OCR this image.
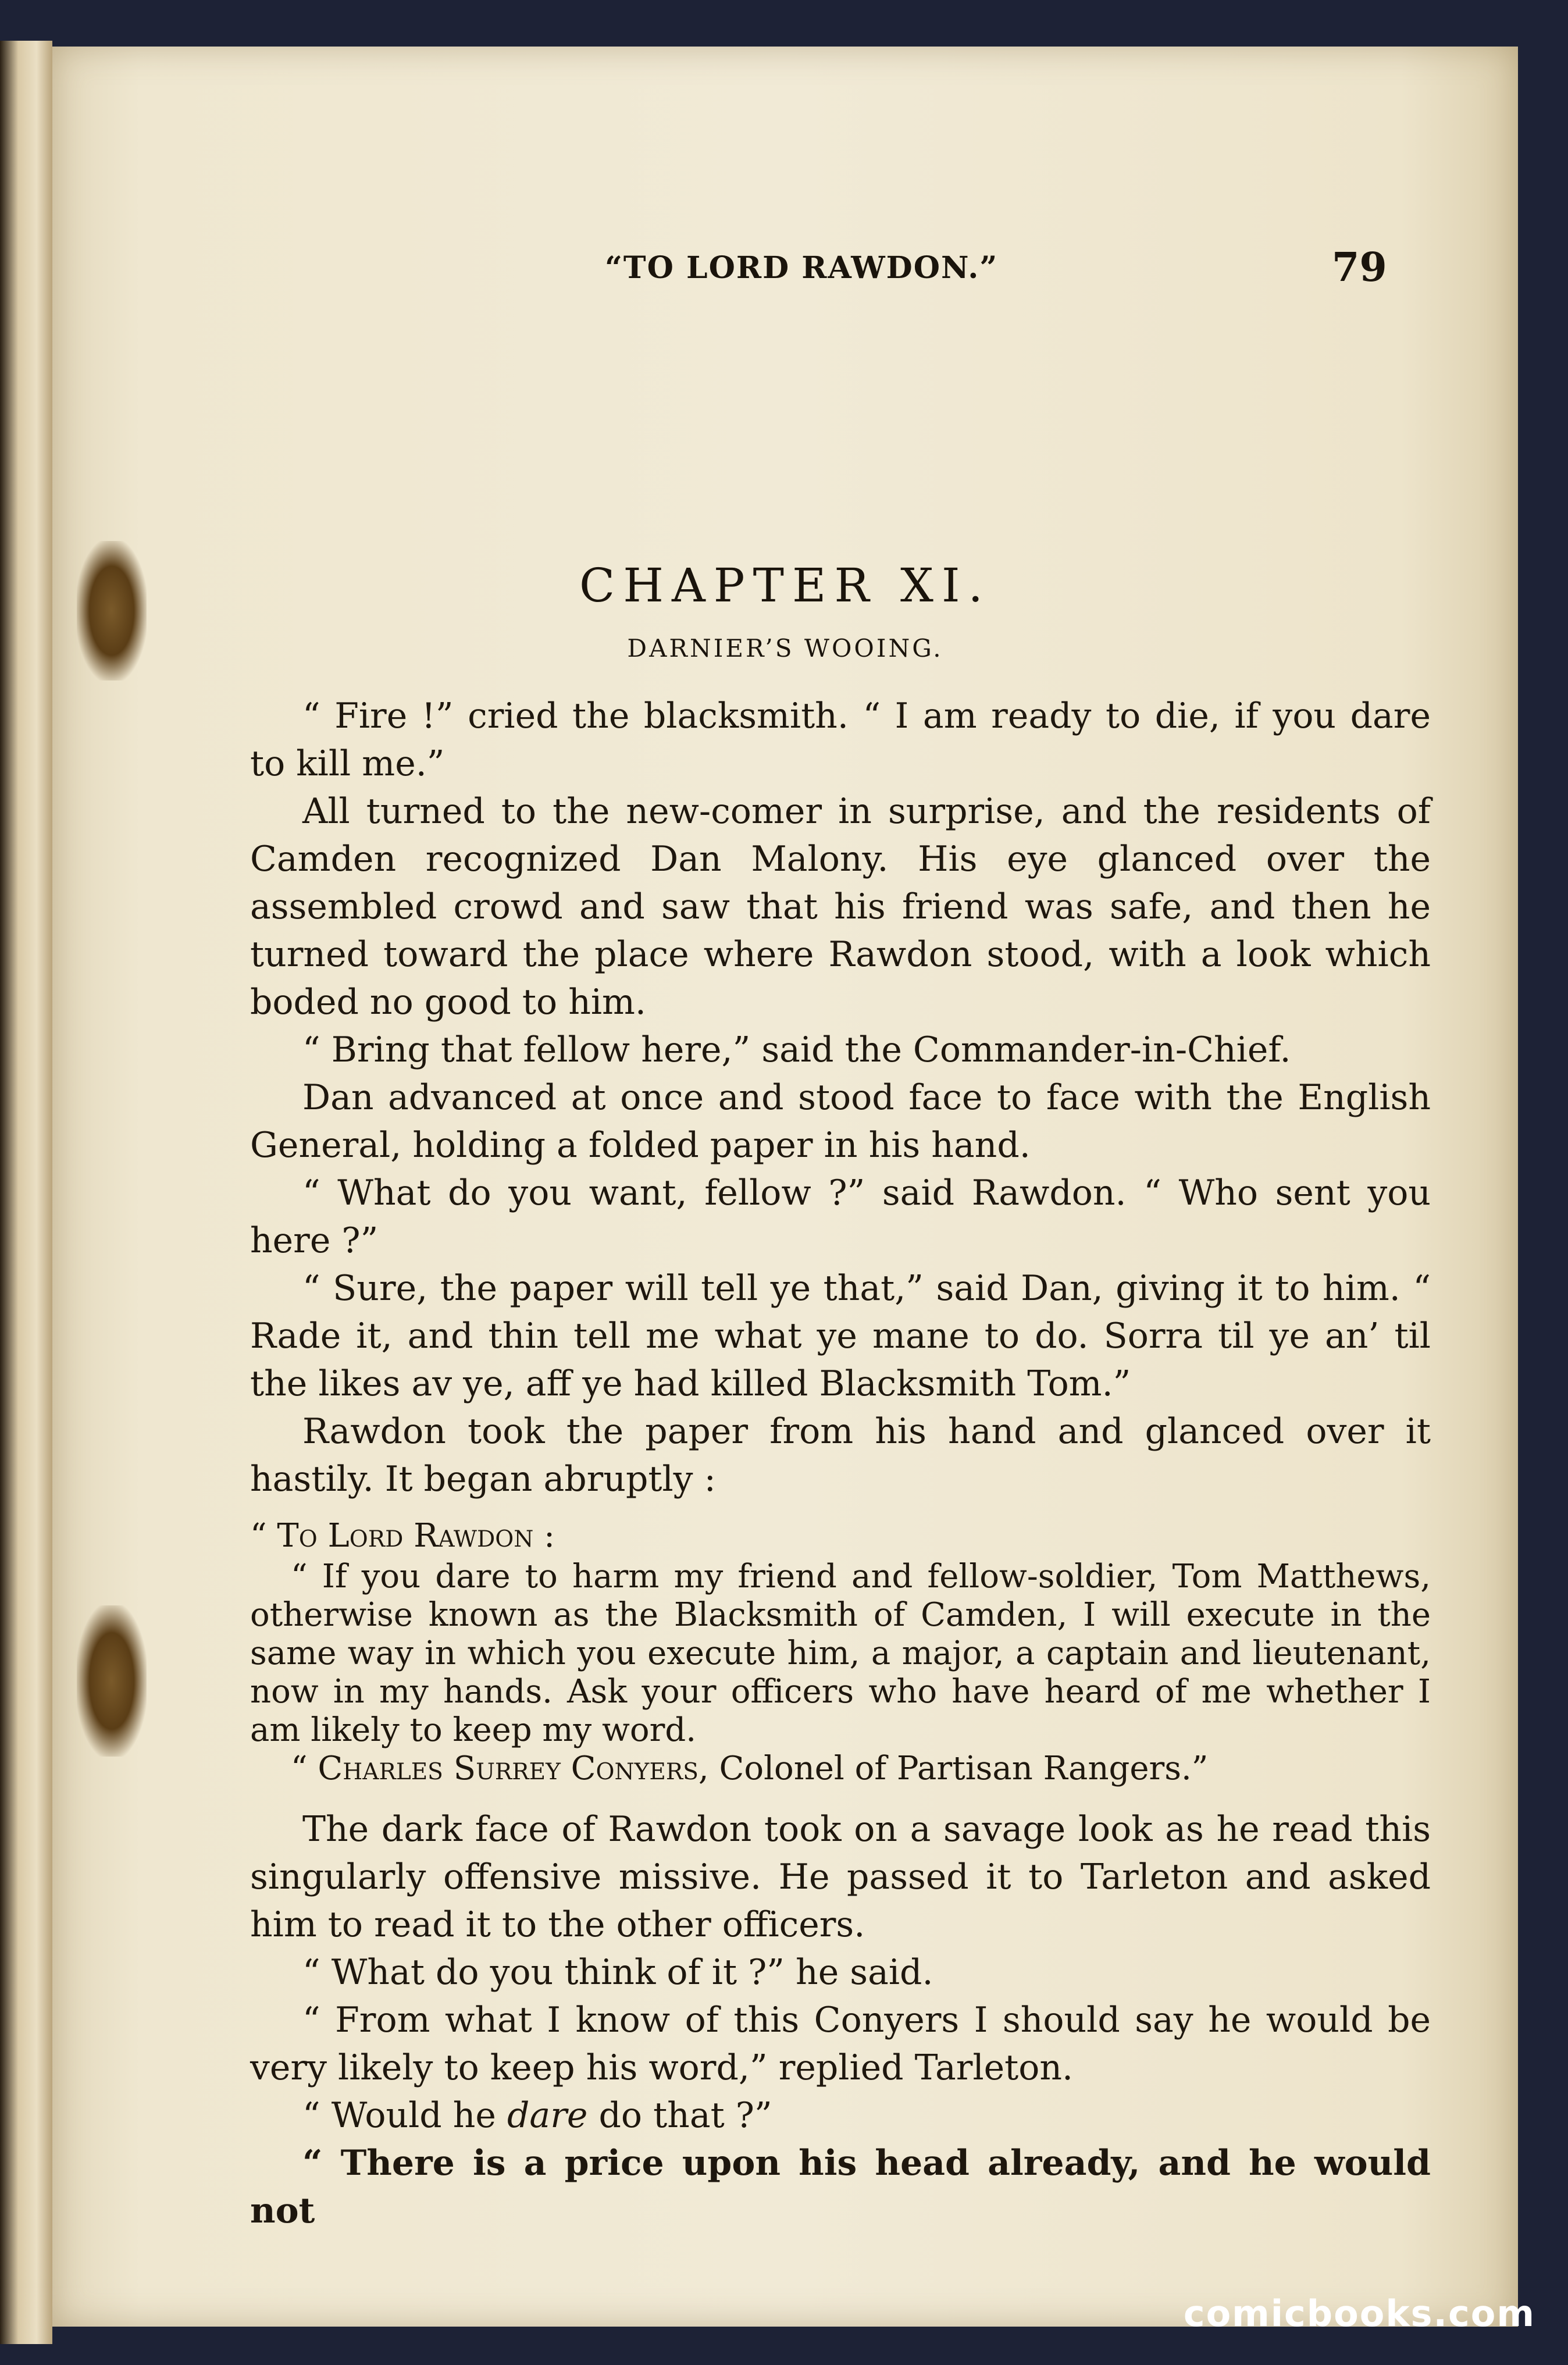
“TO LORD RAWDON.”	79
CHAPTER XI.
DARNIER’S WOOING.

“ Fire !” cried the blacksmith. “ I am ready to die, if you dare to kill me.”

All turned to the new-comer in surprise, and the residents of Camden recognized Dan Malony. His eye glanced over the assembled crowd and saw that his friend was safe, and then he turned toward the place where Rawdon stood, with a look which boded no good to him.

“ Bring that fellow here,” said the Commander-in-Chief.

Dan advanced at once and stood face to face with the English General, holding a folded paper in his hand.

“ What do you want, fellow ?” said Rawdon. “ Who sent you here ?”

“ Sure, the paper will tell ye that,” said Dan, giving it to him. “ Rade it, and thin tell me what ye mane to do. Sorra til ye an’ til the likes av ye, aff ye had killed Blacksmith Tom.”

Rawdon took the paper from his hand and glanced over it hastily. It began abruptly :

“ To Lord Rawdon :

“ If you dare to harm my friend and fellow-soldier, Tom Matthews, otherwise known as the Blacksmith of Camden, I will execute in the same way in which you execute him, a major, a captain and lieutenant, now in my hands. Ask your officers who have heard of me whether I am likely to keep my word.

“ Charles Surrey Conyers, Colonel of Partisan Rangers.”

The dark face of Rawdon took on a savage look as he read this singularly offensive missive. He passed it to Tarleton and asked him to read it to the other officers.

“ What do you think of it ?” he said.

“ From what I know of this Conyers I should say he would be very likely to keep his word,” replied Tarleton.

“ Would he dare do that ?”

“ There is a price upon his head already, and he would not

comicbooks.com
